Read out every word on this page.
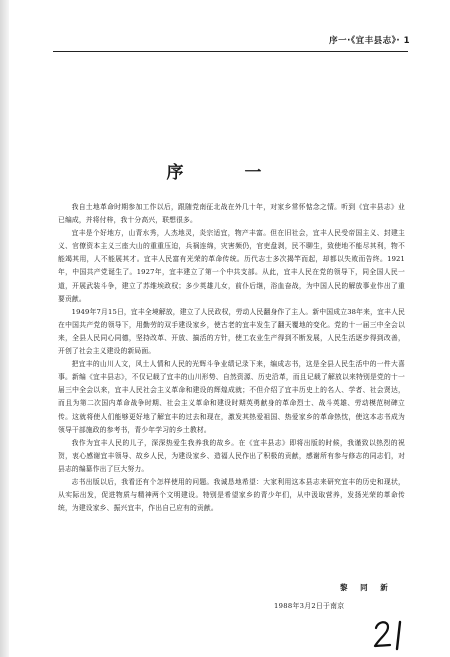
序一·《宜丰县志》· 1
序　一

我自土地革命时期参加工作以后，跟随党南征北战在外几十年，对家乡常怀惦念之情。听到《宜丰县志》业已编成，并将付梓，我十分高兴，联想很多。

宜丰是个好地方，山青水秀，人杰地灵，炎宗适宜，物产丰富。但在旧社会，宜丰人民受帝国主义、封建主义、官僚资本主义三座大山的重重压迫，兵祸连绵，灾害频仍，官吏盘剥，民不聊生，致使地不能尽其利，物不能竭其用，人不能展其才。宜丰人民富有光荣的革命传统。历代志士多次揭竿而起，却都以失败而告终。1921年，中国共产党诞生了。1927年，宜丰建立了第一个中共支部。从此，宜丰人民在党的领导下，同全国人民一道，开展武装斗争，建立了苏维埃政权；多少英雄儿女，前仆后继，浴血奋战，为中国人民的解放事业作出了重要贡献。

1949年7月15日，宜丰全境解放，建立了人民政权，劳动人民翻身作了主人。新中国成立38年来，宜丰人民在中国共产党的领导下，用勤劳的双手建设家乡，使古老的宜丰发生了翻天覆地的变化。党的十一届三中全会以来，全县人民同心同德，坚持改革、开放、搞活的方针，使工农业生产得到不断发展，人民生活逐步得到改善，开创了社会主义建设的新局面。

把宜丰的山川人文，风土人情和人民的光辉斗争业绩记录下来，编成志书，这是全县人民生活中的一件大喜事。新编《宜丰县志》，不仅记载了宜丰的山川形势、自然资源、历史沿革，而且记载了解放以来特别是党的十一届三中全会以来，宜丰人民社会主义革命和建设的辉煌成就；不但介绍了宜丰历史上的名人、学者、社会贤达，而且为第二次国内革命战争时期、社会主义革命和建设时期英勇献身的革命烈士、战斗英雄、劳动模范树碑立传。这就将使人们能够更好地了解宜丰的过去和现在，激发其热爱祖国、热爱家乡的革命热忱，使这本志书成为领导干部施政的参考书，青少年学习的乡土教材。

我作为宜丰人民的儿子，深深热爱生我养我的故乡。在《宜丰县志》即将出版的时候，我谨致以热烈的祝贺，衷心感谢宜丰领导、故乡人民，为建设家乡、造福人民作出了积极的贡献，感谢所有参与修志的同志们，对县志的编纂作出了巨大努力。

志书出版以后，我看还有个怎样使用的问题。我诚恳地希望：大家利用这本县志来研究宜丰的历史和现状，从实际出发，促进物质与精神两个文明建设。特别是希望家乡的青少年们，从中汲取营养，发扬光荣的革命传统，为建设家乡、振兴宜丰，作出自己应有的贡献。

黎 同 新
1988年3月2日于南京
